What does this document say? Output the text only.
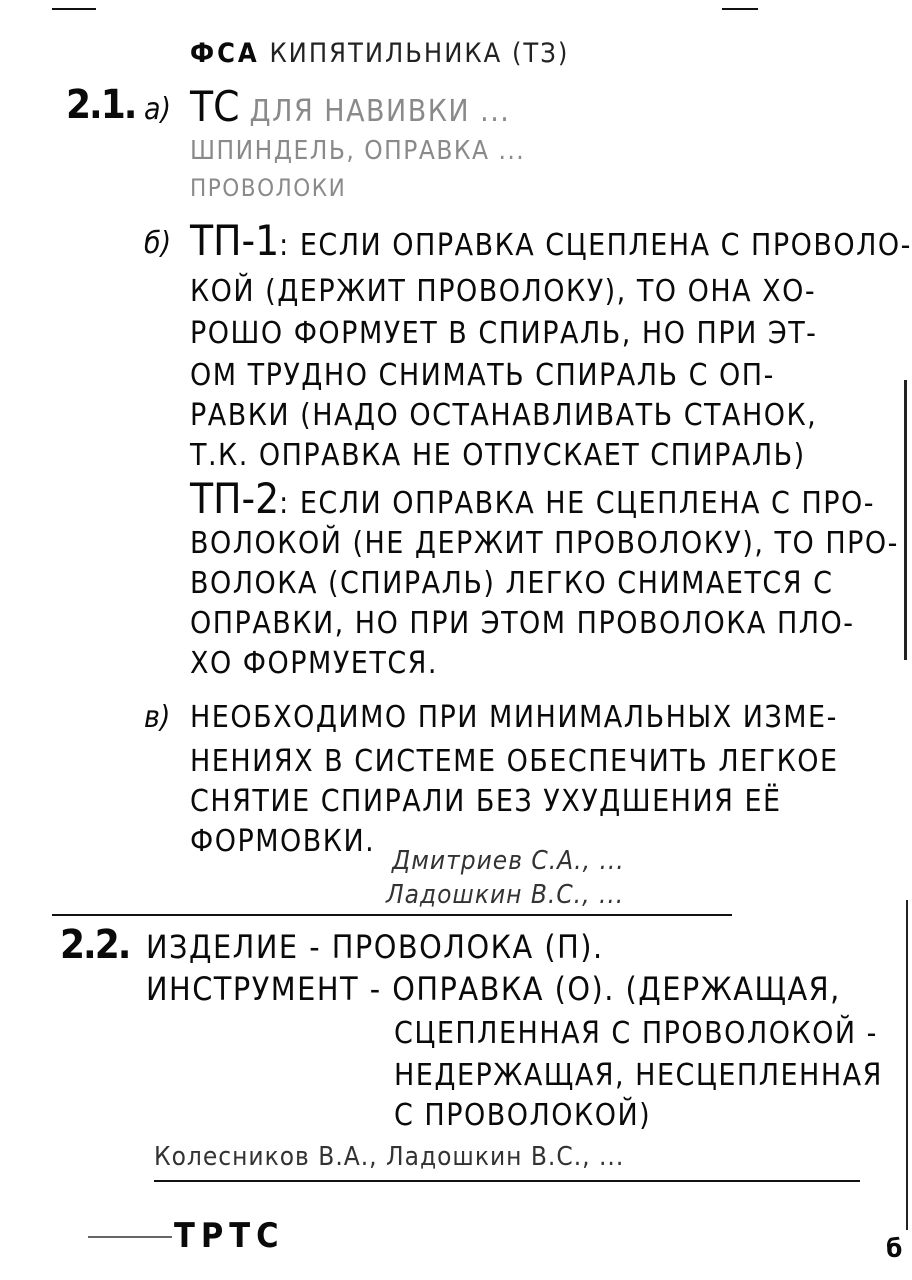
ФСА КИПЯТИЛЬНИКА (ТЗ)
2.1. а) ТС ДЛЯ НАВИВКИ ...
ШПИНДЕЛЬ, ОПРАВКА ...
ПРОВОЛОКИ
б) ТП-1: ЕСЛИ ОПРАВКА СЦЕПЛЕНА С ПРОВОЛО-
КОЙ (ДЕРЖИТ ПРОВОЛОКУ), ТО ОНА ХО-
РОШО ФОРМУЕТ В СПИРАЛЬ, НО ПРИ ЭТ-
ОМ ТРУДНО СНИМАТЬ СПИРАЛЬ С ОП-
РАВКИ (НАДО ОСТАНАВЛИВАТЬ СТАНОК,
Т.К. ОПРАВКА НЕ ОТПУСКАЕТ СПИРАЛЬ)
ТП-2: ЕСЛИ ОПРАВКА НЕ СЦЕПЛЕНА С ПРО-
ВОЛОКОЙ (НЕ ДЕРЖИТ ПРОВОЛОКУ), ТО ПРО-
ВОЛОКА (СПИРАЛЬ) ЛЕГКО СНИМАЕТСЯ С
ОПРАВКИ, НО ПРИ ЭТОМ ПРОВОЛОКА ПЛО-
ХО ФОРМУЕТСЯ.
в) НЕОБХОДИМО ПРИ МИНИМАЛЬНЫХ ИЗМЕ-
НЕНИЯХ В СИСТЕМЕ ОБЕСПЕЧИТЬ ЛЕГКОЕ
СНЯТИЕ СПИРАЛИ БЕЗ УХУДШЕНИЯ ЕЁ
ФОРМОВКИ.
Дмитриев С.А., ...
Ладошкин В.С., ...
2.2. ИЗДЕЛИЕ - ПРОВОЛОКА (П).
ИНСТРУМЕНТ - ОПРАВКА (О). (ДЕРЖАЩАЯ,
СЦЕПЛЕННАЯ С ПРОВОЛОКОЙ -
НЕДЕРЖАЩАЯ, НЕСЦЕПЛЕННАЯ
С ПРОВОЛОКОЙ)
Колесников В.А., Ладошкин В.С., ...
ТРТС	б
